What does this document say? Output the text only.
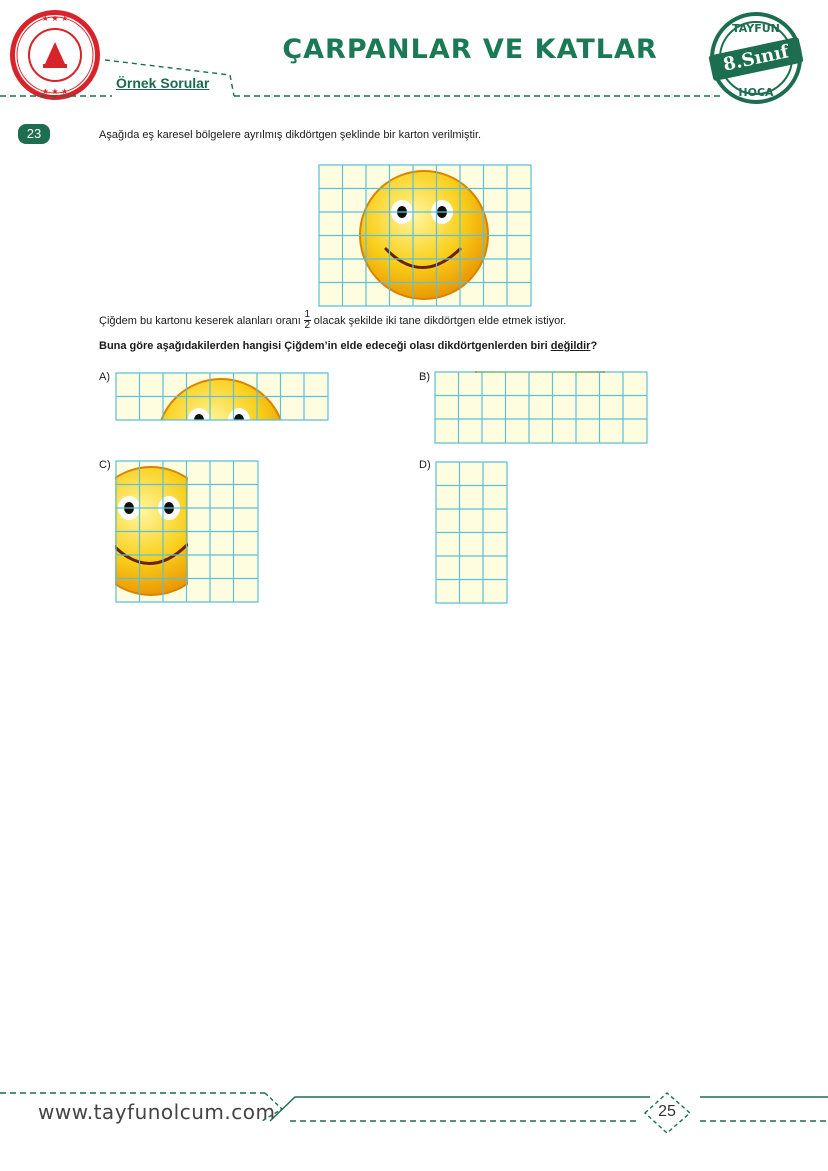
★ ★ ★
★ ★ ★
ÇARPANLAR VE KATLAR
Örnek Sorular
8.Sınıf
TAYFUN
HOCA
23	Aşağıda eş karesel bölgelere ayrılmış dikdörtgen şeklinde bir karton verilmiştir.
Çiğdem bu kartonu keserek alanları oranı $\frac{1}{2}$ olacak şekilde iki tane dikdörtgen elde etmek istiyor.
Buna göre aşağıdakilerden hangisi Çiğdem’in elde edeceği olası dikdörtgenlerden biri değildir?
A)	B)
C)	D)
www.tayfunolcum.com	25
